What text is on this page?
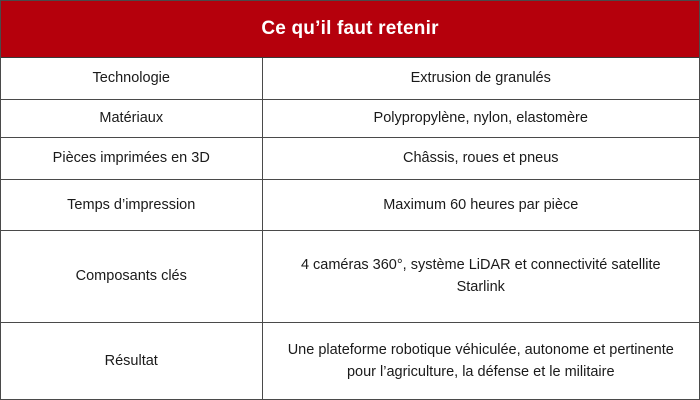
Ce qu’il faut retenir
Technologie	Extrusion de granulés
Matériaux	Polypropylène, nylon, elastomère
Pièces imprimées en 3D	Châssis, roues et pneus
Temps d’impression	Maximum 60 heures par pièce
Composants clés	4 caméras 360°, système LiDAR et connectivité satellite Starlink
Résultat	Une plateforme robotique véhiculée, autonome et pertinente pour l’agriculture, la défense et le militaire
